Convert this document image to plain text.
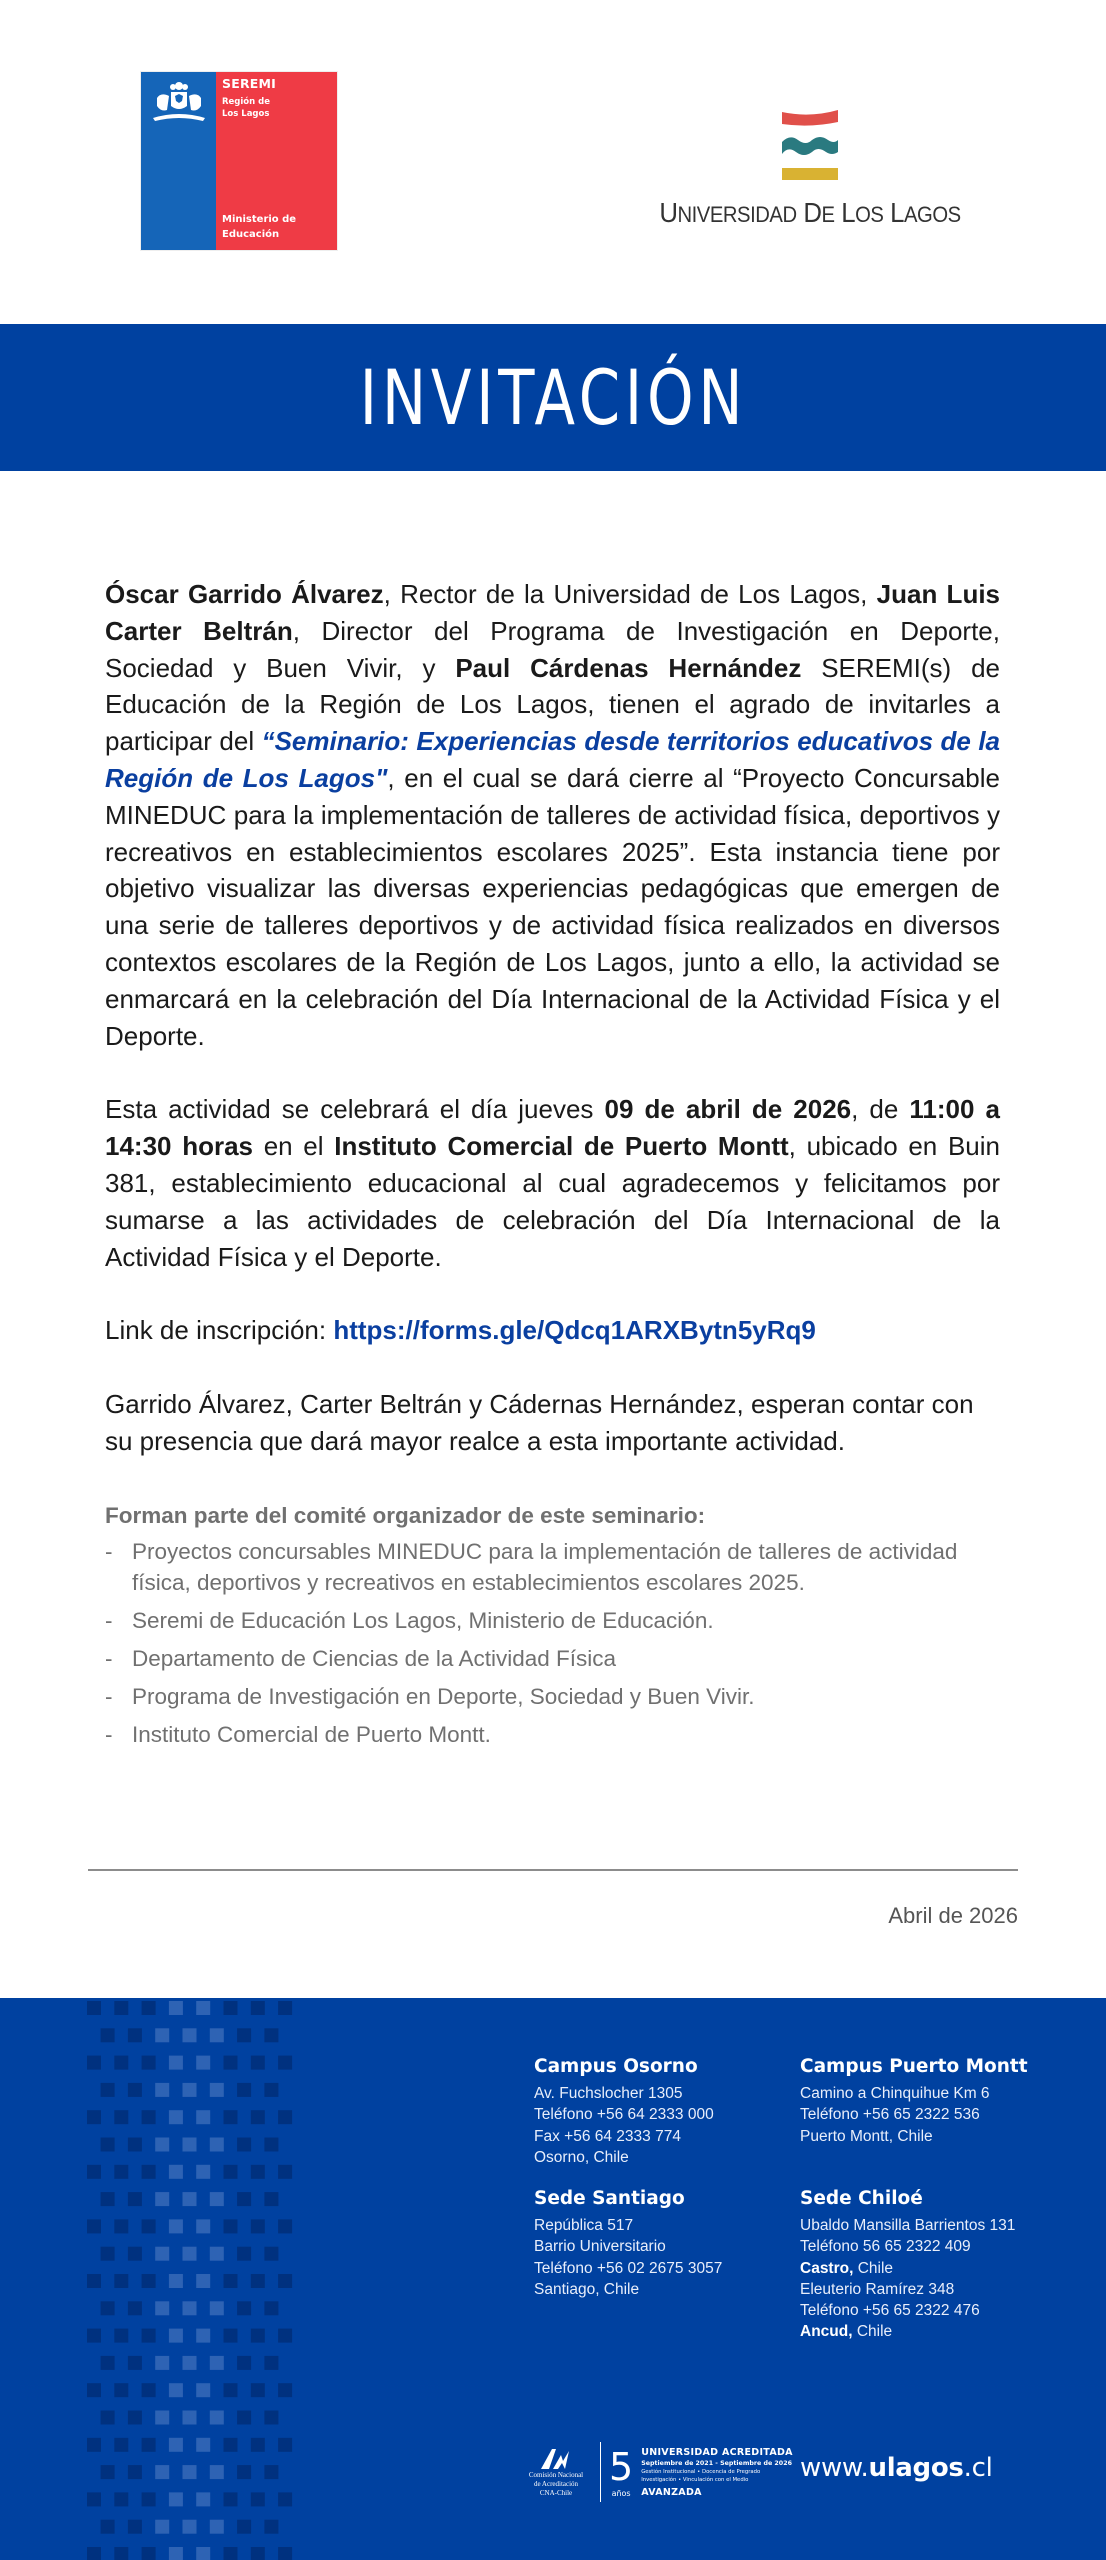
SEREMI
Región de
Los Lagos
Ministerio de
Educación
UNIVERSIDAD DE LOS LAGOS
INVITACIÓN

Óscar Garrido Álvarez, Rector de la Universidad de Los Lagos, Juan Luis Carter Beltrán, Director del Programa de Investigación en Deporte, Sociedad y Buen Vivir, y Paul Cárdenas Hernández SEREMI(s) de Educación de la Región de Los Lagos, tienen el agrado de invitarles a participar del “Seminario: Experiencias desde territorios educativos de la Región de Los Lagos", en el cual se dará cierre al “Proyecto Concursable MINEDUC para la implementación de talleres de actividad física, deportivos y recreativos en establecimientos escolares 2025”. Esta instancia tiene por objetivo visualizar las diversas experiencias pedagógicas que emergen de una serie de talleres deportivos y de actividad física realizados en diversos contextos escolares de la Región de Los Lagos, junto a ello, la actividad se enmarcará en la celebración del Día Internacional de la Actividad Física y el Deporte.

Esta actividad se celebrará el día jueves 09 de abril de 2026, de 11:00 a 14:30 horas en el Instituto Comercial de Puerto Montt, ubicado en Buin 381, establecimiento educacional al cual agradecemos y felicitamos por sumarse a las actividades de celebración del Día Internacional de la Actividad Física y el Deporte.

Link de inscripción: https://forms.gle/Qdcq1ARXBytn5yRq9

Garrido Álvarez, Carter Beltrán y Cádernas Hernández, esperan contar con su presencia que dará mayor realce a esta importante actividad.

Forman parte del comité organizador de este seminario:
- Proyectos concursables MINEDUC para la implementación de talleres de actividad física, deportivos y recreativos en establecimientos escolares 2025.
- Seremi de Educación Los Lagos, Ministerio de Educación.
- Departamento de Ciencias de la Actividad Física
- Programa de Investigación en Deporte, Sociedad y Buen Vivir.
- Instituto Comercial de Puerto Montt.
Abril de 2026
Campus Osorno
Av. Fuchslocher 1305
Teléfono +56 64 2333 000
Fax +56 64 2333 774
Osorno, Chile
Campus Puerto Montt
Camino a Chinquihue Km 6
Teléfono +56 65 2322 536
Puerto Montt, Chile
Sede Santiago
República 517
Barrio Universitario
Teléfono +56 02 2675 3057
Santiago, Chile
Sede Chiloé
Ubaldo Mansilla Barrientos 131
Teléfono 56 65 2322 409
Castro, Chile
Eleuterio Ramírez 348
Teléfono +56 65 2322 476
Ancud, Chile
Comisión Nacional
de Acreditación
CNA-Chile
5
años
UNIVERSIDAD ACREDITADA
Septiembre de 2021 - Septiembre de 2026
Gestión Institucional • Docencia de Pregrado
Investigación • Vinculación con el Medio
AVANZADA
www.ulagos.cl
